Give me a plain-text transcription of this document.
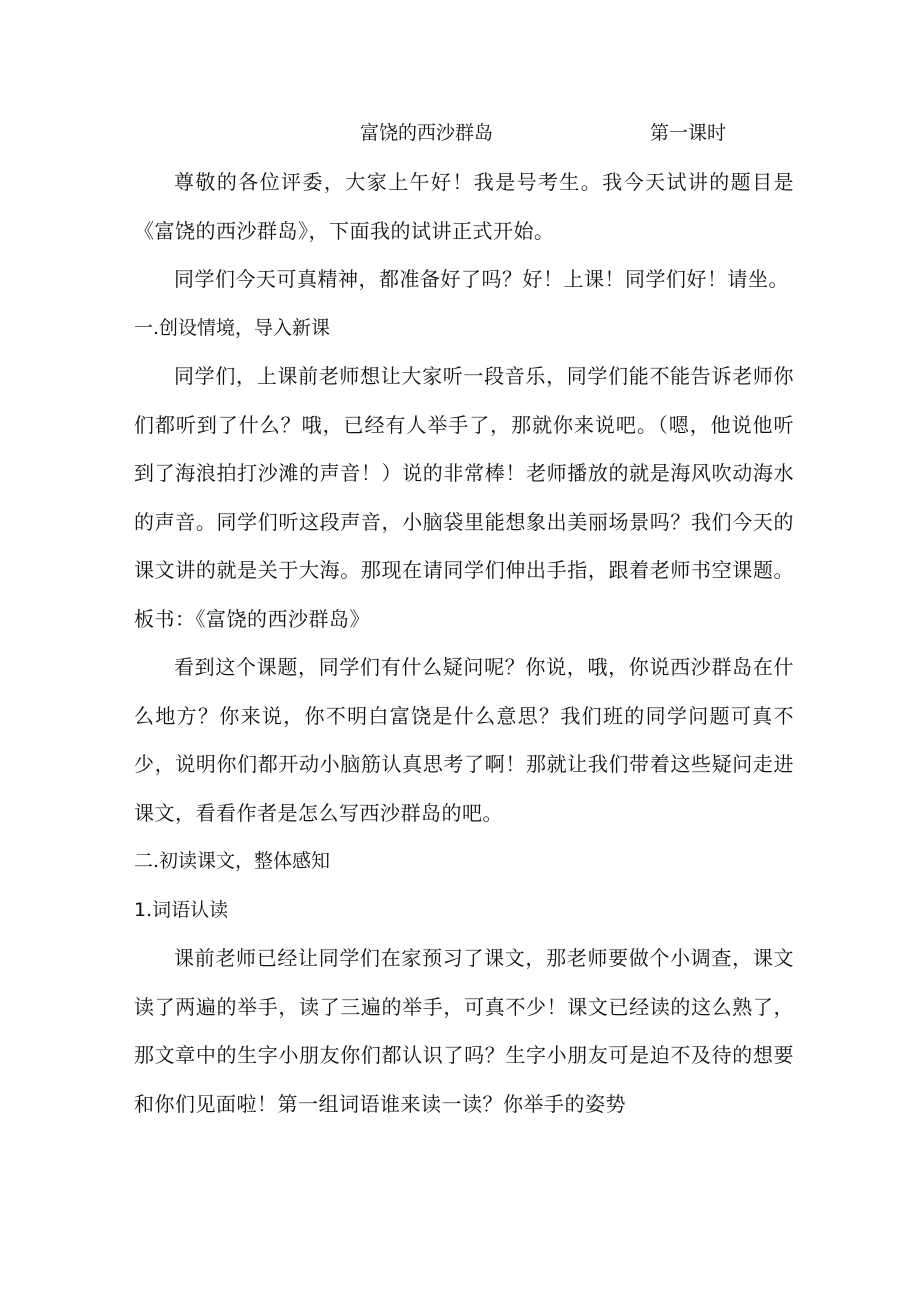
富饶的西沙群岛	第一课时

尊敬的各位评委，大家上午好！我是号考生。我今天试讲的题目是《富饶的西沙群岛》，下面我的试讲正式开始。

同学们今天可真精神，都准备好了吗？好！上课！同学们好！请坐。

一.创设情境，导入新课

同学们，上课前老师想让大家听一段音乐，同学们能不能告诉老师你们都听到了什么？哦，已经有人举手了，那就你来说吧。（嗯，他说他听到了海浪拍打沙滩的声音！）说的非常棒！老师播放的就是海风吹动海水的声音。同学们听这段声音，小脑袋里能想象出美丽场景吗？我们今天的课文讲的就是关于大海。那现在请同学们伸出手指，跟着老师书空课题。板书：《富饶的西沙群岛》

看到这个课题，同学们有什么疑问呢？你说，哦，你说西沙群岛在什么地方？你来说，你不明白富饶是什么意思？我们班的同学问题可真不少，说明你们都开动小脑筋认真思考了啊！那就让我们带着这些疑问走进课文，看看作者是怎么写西沙群岛的吧。

二.初读课文，整体感知

1.词语认读

课前老师已经让同学们在家预习了课文，那老师要做个小调查，课文读了两遍的举手，读了三遍的举手，可真不少！课文已经读的这么熟了，那文章中的生字小朋友你们都认识了吗？生字小朋友可是迫不及待的想要和你们见面啦！第一组词语谁来读一读？你举手的姿势
